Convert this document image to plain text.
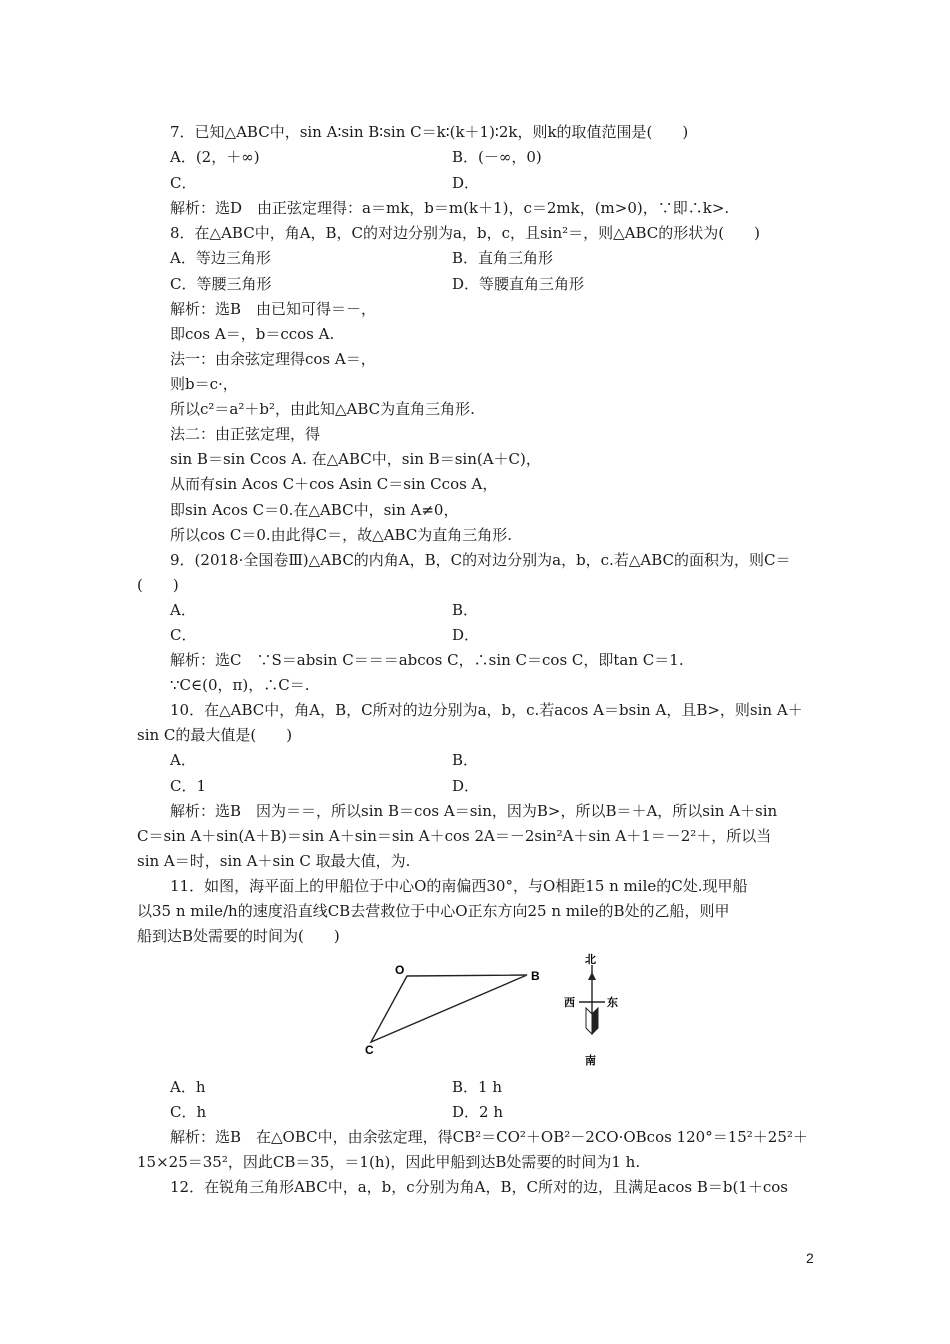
7．已知△ABC中，sin A∶sin B∶sin C＝k∶(k＋1)∶2k，则k的取值范围是(　　)
A．(2，＋∞)	B．(－∞，0)
C．	D．
解析：选D　由正弦定理得：a＝mk，b＝m(k＋1)，c＝2mk，(m>0)，∵即∴k>.
8．在△ABC中，角A，B，C的对边分别为a，b，c，且sin²＝，则△ABC的形状为(　　)
A．等边三角形	B．直角三角形
C．等腰三角形	D．等腰直角三角形
解析：选B　由已知可得＝－，
即cos A＝，b＝ccos A.
法一：由余弦定理得cos A＝，
则b＝c·，
所以c²＝a²＋b²，由此知△ABC为直角三角形.
法二：由正弦定理，得
sin B＝sin Ccos A. 在△ABC中，sin B＝sin(A＋C)，
从而有sin Acos C＋cos Asin C＝sin Ccos A，
即sin Acos C＝0.在△ABC中，sin A≠0，
所以cos C＝0.由此得C＝，故△ABC为直角三角形.
9．(2018·全国卷Ⅲ)△ABC的内角A，B，C的对边分别为a，b，c.若△ABC的面积为，则C＝
(　　)
A．	B．
C．	D．
解析：选C　∵S＝absin C＝＝＝abcos C，∴sin C＝cos C，即tan C＝1.
∵C∈(0，π)，∴C＝.
10．在△ABC中，角A，B，C所对的边分别为a，b，c.若acos A＝bsin A，且B>，则sin A＋
sin C的最大值是(　　)
A．	B．
C．1	D．
解析：选B　因为＝＝，所以sin B＝cos A＝sin，因为B>，所以B＝＋A，所以sin A＋sin
C＝sin A＋sin(A＋B)＝sin A＋sin＝sin A＋cos 2A＝－2sin²A＋sin A＋1＝－2²＋，所以当
sin A＝时，sin A＋sin C 取最大值，为.
11．如图，海平面上的甲船位于中心O的南偏西30°，与O相距15 n mile的C处.现甲船
以35 n mile/h的速度沿直线CB去营救位于中心O正东方向25 n mile的B处的乙船，则甲
船到达B处需要的时间为(　　)
O	B
C
北
西	东
南
A．h	B．1 h
C．h	D．2 h
解析：选B　在△OBC中，由余弦定理，得CB²＝CO²＋OB²－2CO·OBcos 120°＝15²＋25²＋
15×25＝35²，因此CB＝35，＝1(h)，因此甲船到达B处需要的时间为1 h.
12．在锐角三角形ABC中，a，b，c分别为角A，B，C所对的边，且满足acos B＝b(1＋cos
2
